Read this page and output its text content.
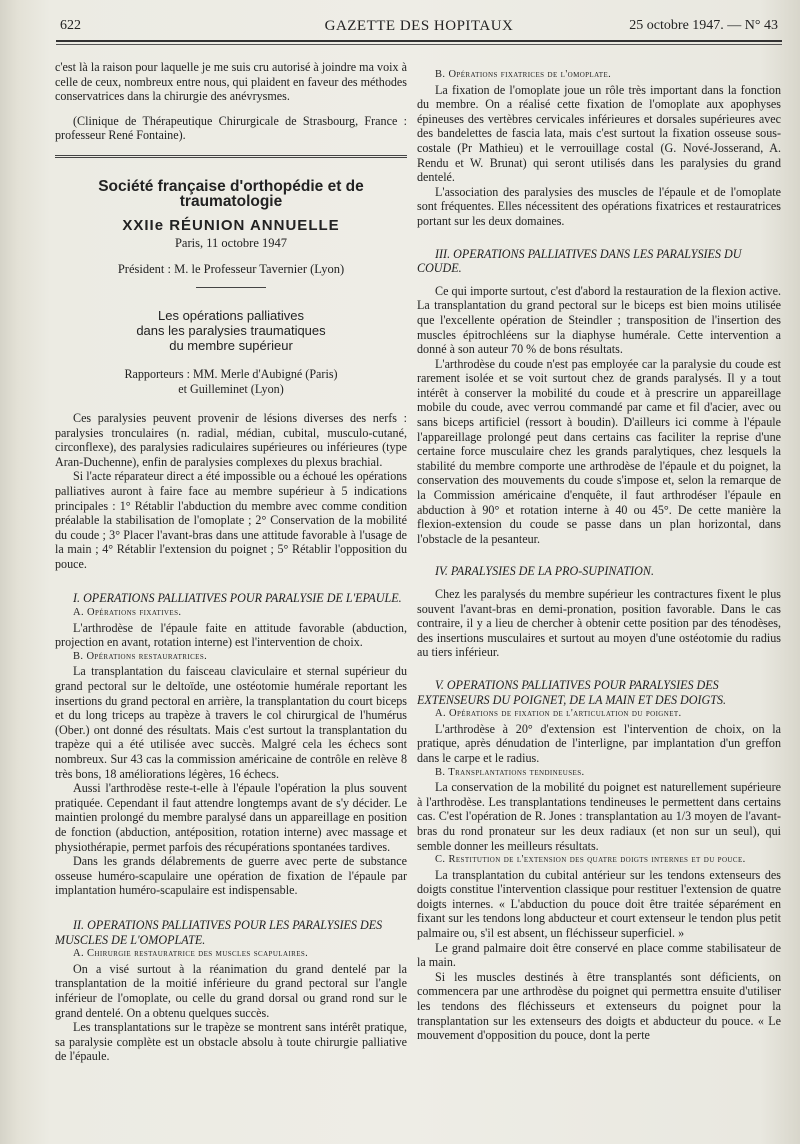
622	GAZETTE DES HOPITAUX	25 octobre 1947. — N° 43

c'est là la raison pour laquelle je me suis cru autorisé à joindre ma voix à celle de ceux, nombreux entre nous, qui plaident en faveur des méthodes conservatrices dans la chirurgie des anévrysmes.

(Clinique de Thérapeutique Chirurgicale de Strasbourg, France : professeur René Fontaine).

Société française d'orthopédie et de traumatologie
XXIIe RÉUNION ANNUELLE
Paris, 11 octobre 1947
Président : M. le Professeur Tavernier (Lyon)
Les opérations palliatives
dans les paralysies traumatiques
du membre supérieur
Rapporteurs : MM. Merle d'Aubigné (Paris)
et Guilleminet (Lyon)

Ces paralysies peuvent provenir de lésions diverses des nerfs : paralysies tronculaires (n. radial, médian, cubital, musculo-cutané, circonflexe), des paralysies radiculaires supérieures ou inférieures (type Aran-Duchenne), enfin de paralysies complexes du plexus brachial.

Si l'acte réparateur direct a été impossible ou a échoué les opérations palliatives auront à faire face au membre supérieur à 5 indications principales : 1° Rétablir l'abduction du membre avec comme condition préalable la stabilisation de l'omoplate ; 2° Conservation de la mobilité du coude ; 3° Placer l'avant-bras dans une attitude favorable à l'usage de la main ; 4° Rétablir l'extension du poignet ; 5° Rétablir l'opposition du pouce.

I. OPERATIONS PALLIATIVES POUR PARALYSIE DE L'EPAULE.

A. Opérations fixatives.

L'arthrodèse de l'épaule faite en attitude favorable (abduction, projection en avant, rotation interne) est l'intervention de choix.

B. Opérations restauratrices.

La transplantation du faisceau claviculaire et sternal supérieur du grand pectoral sur le deltoïde, une ostéotomie humérale reportant les insertions du grand pectoral en arrière, la transplantation du court biceps et du long triceps au trapèze à travers le col chirurgical de l'humérus (Ober.) ont donné des résultats. Mais c'est surtout la transplantation du trapèze qui a été utilisée avec succès. Malgré cela les échecs sont nombreux. Sur 43 cas la commission américaine de contrôle en relève 8 très bons, 18 améliorations légères, 16 échecs.

Aussi l'arthrodèse reste-t-elle à l'épaule l'opération la plus souvent pratiquée. Cependant il faut attendre longtemps avant de s'y décider. Le maintien prolongé du membre paralysé dans un appareillage en position de fonction (abduction, antéposition, rotation interne) avec massage et physiothérapie, permet parfois des récupérations spontanées tardives.

Dans les grands délabrements de guerre avec perte de substance osseuse huméro-scapulaire une opération de fixation de l'épaule par implantation huméro-scapulaire est indispensable.

II. OPERATIONS PALLIATIVES POUR LES PARALYSIES DES MUSCLES DE L'OMOPLATE.

A. Chirurgie restauratrice des muscles scapulaires.

On a visé surtout à la réanimation du grand dentelé par la transplantation de la moitié inférieure du grand pectoral sur l'angle inférieur de l'omoplate, ou celle du grand dorsal ou grand rond sur le grand dentelé. On a obtenu quelques succès.

Les transplantations sur le trapèze se montrent sans intérêt pratique, sa paralysie complète est un obstacle absolu à toute chirurgie palliative de l'épaule.

B. Opérations fixatrices de l'omoplate.

La fixation de l'omoplate joue un rôle très important dans la fonction du membre. On a réalisé cette fixation de l'omoplate aux apophyses épineuses des vertèbres cervicales inférieures et dorsales supérieures avec des bandelettes de fascia lata, mais c'est surtout la fixation osseuse sous-costale (Pr Mathieu) et le verrouillage costal (G. Nové-Josserand, A. Rendu et W. Brunat) qui seront utilisés dans les paralysies du grand dentelé.

L'association des paralysies des muscles de l'épaule et de l'omoplate sont fréquentes. Elles nécessitent des opérations fixatrices et restauratrices portant sur les deux domaines.

III. OPERATIONS PALLIATIVES DANS LES PARALYSIES DU COUDE.

Ce qui importe surtout, c'est d'abord la restauration de la flexion active. La transplantation du grand pectoral sur le biceps est bien moins utilisée que l'excellente opération de Steindler ; transposition de l'insertion des muscles épitrochléens sur la diaphyse humérale. Cette intervention a donné à son auteur 70 % de bons résultats.

L'arthrodèse du coude n'est pas employée car la paralysie du coude est rarement isolée et se voit surtout chez de grands paralysés. Il y a tout intérêt à conserver la mobilité du coude et à prescrire un appareillage mobile du coude, avec verrou commandé par came et fil d'acier, avec ou sans biceps artificiel (ressort à boudin). D'ailleurs ici comme à l'épaule l'appareillage prolongé peut dans certains cas faciliter la reprise d'une certaine force musculaire chez les grands paralytiques, chez lesquels la stabilité du membre comporte une arthrodèse de l'épaule et du poignet, la conservation des mouvements du coude s'impose et, selon la remarque de la Commission américaine d'enquête, il faut arthrodéser l'épaule en abduction à 90° et rotation interne à 40 ou 45°. De cette manière la flexion-extension du coude se passe dans un plan horizontal, dans l'obstacle de la pesanteur.

IV. PARALYSIES DE LA PRO-SUPINATION.

Chez les paralysés du membre supérieur les contractures fixent le plus souvent l'avant-bras en demi-pronation, position favorable. Dans le cas contraire, il y a lieu de chercher à obtenir cette position par des ténodèses, des insertions musculaires et surtout au moyen d'une ostéotomie du radius au tiers inférieur.

V. OPERATIONS PALLIATIVES POUR PARALYSIES DES EXTENSEURS DU POIGNET, DE LA MAIN ET DES DOIGTS.

A. Opérations de fixation de l'articulation du poignet.

L'arthrodèse à 20° d'extension est l'intervention de choix, on la pratique, après dénudation de l'interligne, par implantation d'un greffon dans le carpe et le radius.

B. Transplantations tendineuses.

La conservation de la mobilité du poignet est naturellement supérieure à l'arthrodèse. Les transplantations tendineuses le permettent dans certains cas. C'est l'opération de R. Jones : transplantation au 1/3 moyen de l'avant-bras du rond pronateur sur les deux radiaux (et non sur un seul), qui semble donner les meilleurs résultats.

C. Restitution de l'extension des quatre doigts internes et du pouce.

La transplantation du cubital antérieur sur les tendons extenseurs des doigts constitue l'intervention classique pour restituer l'extension de quatre doigts internes. « L'abduction du pouce doit être traitée séparément en fixant sur les tendons long abducteur et court extenseur le tendon plus petit palmaire ou, s'il est absent, un fléchisseur superficiel. »

Le grand palmaire doit être conservé en place comme stabilisateur de la main.

Si les muscles destinés à être transplantés sont déficients, on commencera par une arthrodèse du poignet qui permettra ensuite d'utiliser les tendons des fléchisseurs et extenseurs du poignet pour la transplantation sur les extenseurs des doigts et abducteur du pouce. « Le mouvement d'opposition du pouce, dont la perte
